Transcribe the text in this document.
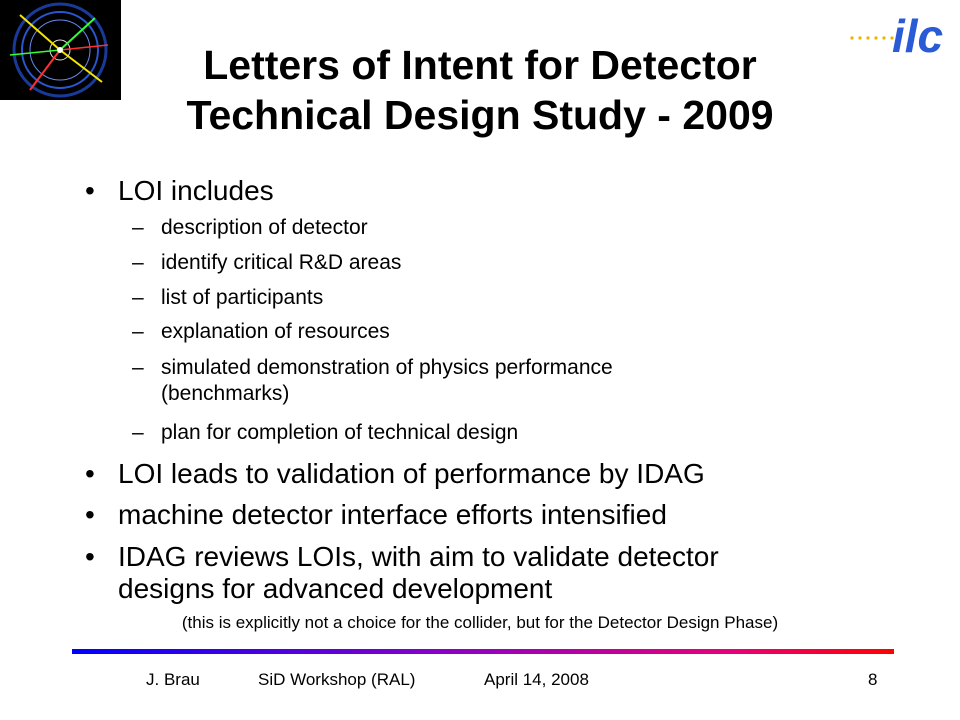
ilc
Letters of Intent for Detector
Technical Design Study - 2009
• LOI includes
– description of detector
– identify critical R&D areas
– list of participants
– explanation of resources
– simulated demonstration of physics performance
(benchmarks)
– plan for completion of technical design
• LOI leads to validation of performance by IDAG
• machine detector interface efforts intensified
• IDAG reviews LOIs, with aim to validate detector
designs for advanced development
(this is explicitly not a choice for the collider, but for the Detector Design Phase)
J. Brau	SiD Workshop (RAL)	April 14, 2008	8
